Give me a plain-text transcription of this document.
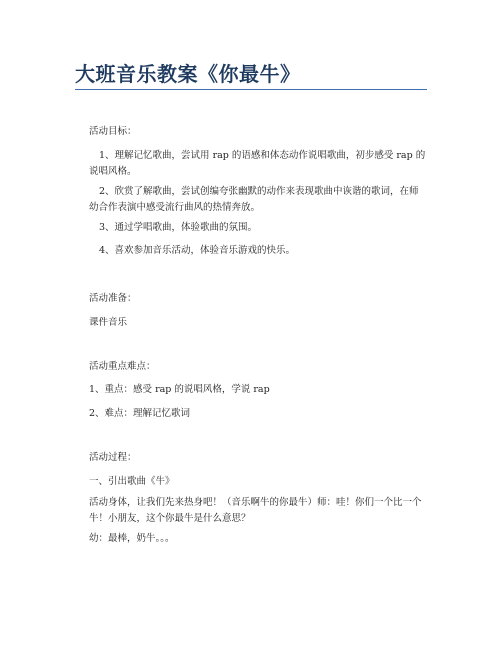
大班音乐教案《你最牛》
活动目标：
1、理解记忆歌曲，尝试用 rap 的语感和体态动作说唱歌曲，初步感受 rap 的说唱风格。
2、欣赏了解歌曲，尝试创编夸张幽默的动作来表现歌曲中诙谐的歌词，在师幼合作表演中感受流行曲风的热情奔放。
3、通过学唱歌曲，体验歌曲的氛围。
4、喜欢参加音乐活动，体验音乐游戏的快乐。
活动准备：
课件音乐
活动重点难点：
1、重点：感受 rap 的说唱风格，学说 rap
2、难点：理解记忆歌词
活动过程：
一、引出歌曲《牛》
活动身体，让我们先来热身吧！（音乐啊牛的你最牛）师：哇！你们一个比一个牛！小朋友，这个你最牛是什么意思？
幼：最棒，奶牛。。。
